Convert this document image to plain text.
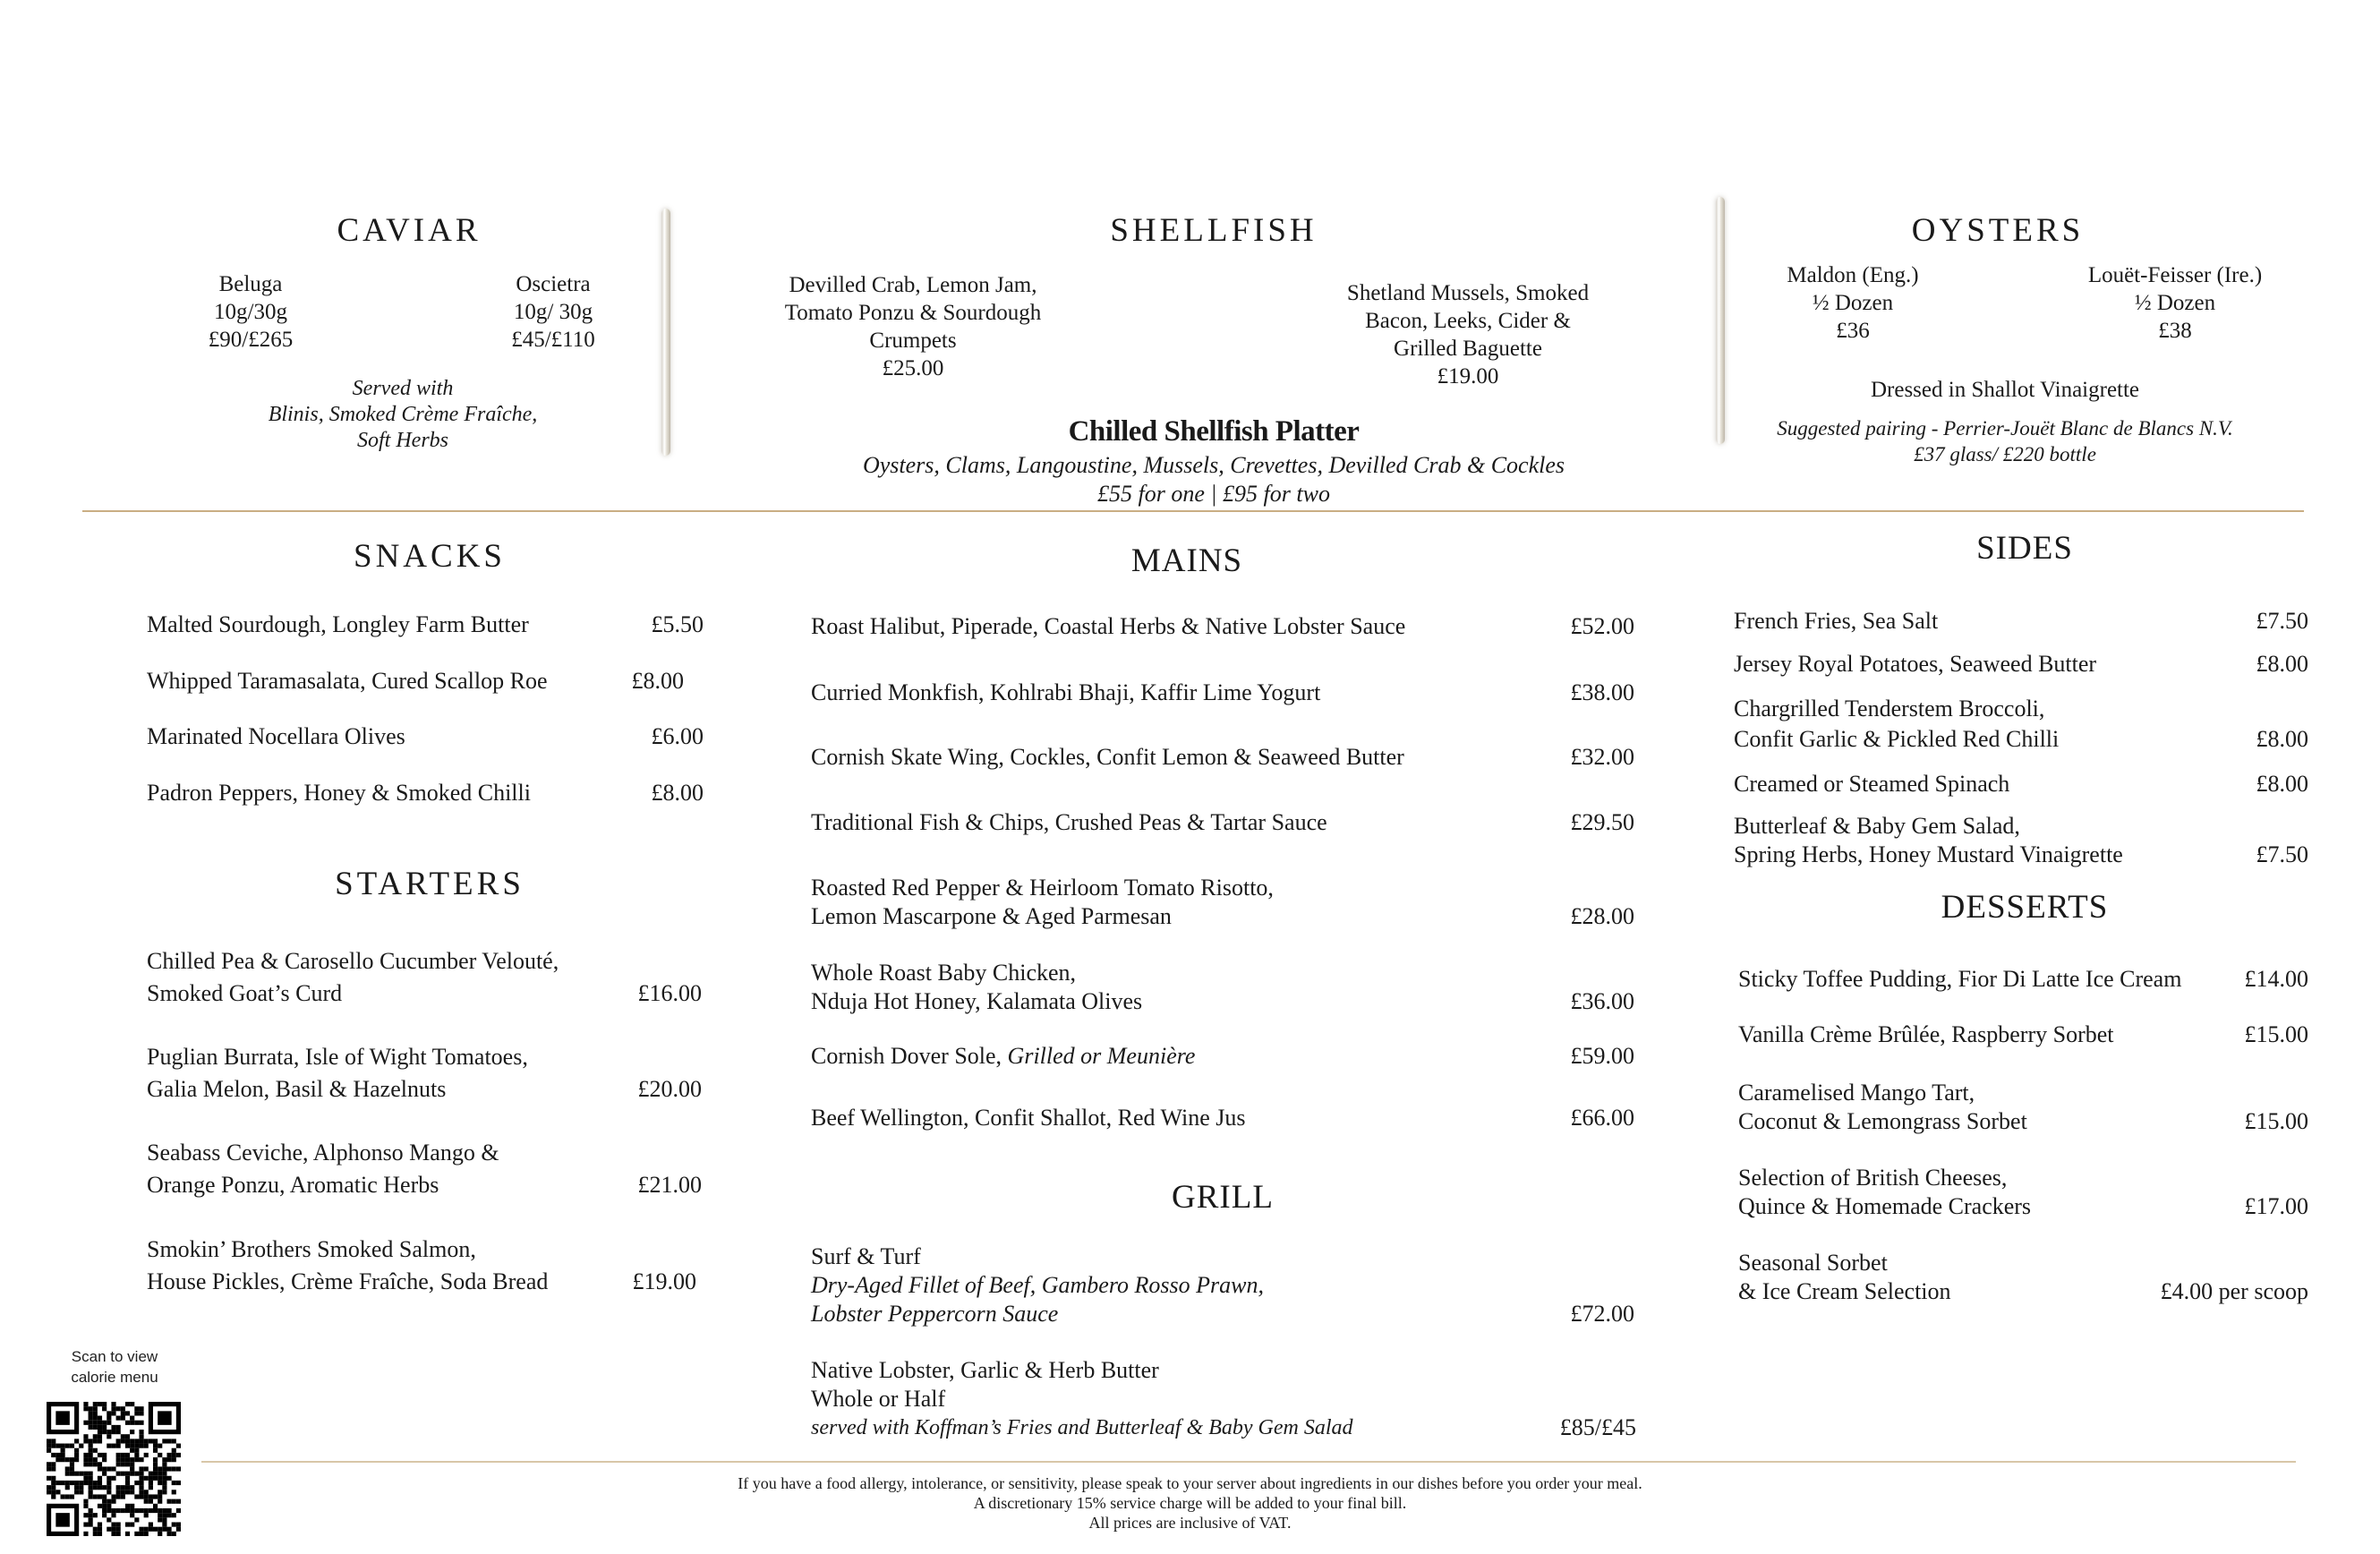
CAVIAR
Beluga
10g/30g
£90/£265
Oscietra
10g/ 30g
£45/£110
Served with
Blinis, Smoked Crème Fraîche,
Soft Herbs
SHELLFISH
Devilled Crab, Lemon Jam,
Tomato Ponzu & Sourdough
Crumpets
£25.00
Shetland Mussels, Smoked
Bacon, Leeks, Cider &
Grilled Baguette
£19.00
Chilled Shellfish Platter
Oysters, Clams, Langoustine, Mussels, Crevettes, Devilled Crab & Cockles
£55 for one | £95 for two
OYSTERS
Maldon (Eng.)
½ Dozen
£36
Louët-Feisser (Ire.)
½ Dozen
£38
Dressed in Shallot Vinaigrette
Suggested pairing - Perrier-Jouët Blanc de Blancs N.V.
£37 glass/ £220 bottle
SNACKS
Malted Sourdough, Longley Farm Butter	£5.50
Whipped Taramasalata, Cured Scallop Roe	£8.00
Marinated Nocellara Olives	£6.00
Padron Peppers, Honey & Smoked Chilli	£8.00
STARTERS
Chilled Pea & Carosello Cucumber Velouté,
Smoked Goat’s Curd	£16.00
Puglian Burrata, Isle of Wight Tomatoes,
Galia Melon, Basil & Hazelnuts	£20.00
Seabass Ceviche, Alphonso Mango &
Orange Ponzu, Aromatic Herbs	£21.00
Smokin’ Brothers Smoked Salmon,
House Pickles, Crème Fraîche, Soda Bread	£19.00
MAINS
Roast Halibut, Piperade, Coastal Herbs & Native Lobster Sauce	£52.00
Curried Monkfish, Kohlrabi Bhaji, Kaffir Lime Yogurt	£38.00
Cornish Skate Wing, Cockles, Confit Lemon & Seaweed Butter	£32.00
Traditional Fish & Chips, Crushed Peas & Tartar Sauce	£29.50
Roasted Red Pepper & Heirloom Tomato Risotto,
Lemon Mascarpone & Aged Parmesan	£28.00
Whole Roast Baby Chicken,
Nduja Hot Honey, Kalamata Olives	£36.00
Cornish Dover Sole, Grilled or Meunière	£59.00
Beef Wellington, Confit Shallot, Red Wine Jus	£66.00
GRILL
Surf & Turf
Dry-Aged Fillet of Beef, Gambero Rosso Prawn,
Lobster Peppercorn Sauce	£72.00
Native Lobster, Garlic & Herb Butter
Whole or Half
served with Koffman’s Fries and Butterleaf & Baby Gem Salad	£85/£45
SIDES
French Fries, Sea Salt	£7.50
Jersey Royal Potatoes, Seaweed Butter	£8.00
Chargrilled Tenderstem Broccoli,
Confit Garlic & Pickled Red Chilli	£8.00
Creamed or Steamed Spinach	£8.00
Butterleaf & Baby Gem Salad,
Spring Herbs, Honey Mustard Vinaigrette	£7.50
DESSERTS
Sticky Toffee Pudding, Fior Di Latte Ice Cream	£14.00
Vanilla Crème Brûlée, Raspberry Sorbet	£15.00
Caramelised Mango Tart,
Coconut & Lemongrass Sorbet	£15.00
Selection of British Cheeses,
Quince & Homemade Crackers	£17.00
Seasonal Sorbet
& Ice Cream Selection	£4.00 per scoop
Scan to view
calorie menu
If you have a food allergy, intolerance, or sensitivity, please speak to your server about ingredients in our dishes before you order your meal.
A discretionary 15% service charge will be added to your final bill.
All prices are inclusive of VAT.
